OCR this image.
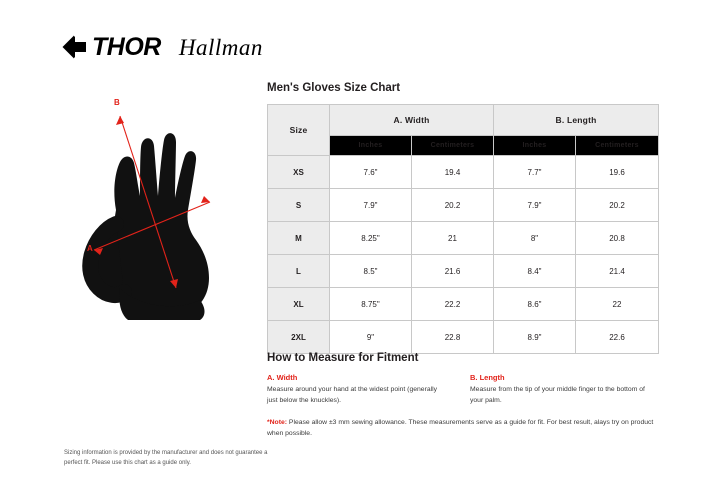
THOR Hallman
B
A
Men's Gloves Size Chart
Size	A. Width		B. Length	
	Inches	Centimeters	Inches	Centimeters
XS	7.6"	19.4	7.7"	19.6
S	7.9"	20.2	7.9"	20.2
M	8.25"	21	8"	20.8
L	8.5"	21.6	8.4"	21.4
XL	8.75"	22.2	8.6"	22
2XL	9"	22.8	8.9"	22.6
How to Measure for Fitment
A. Width
Measure around your hand at the widest point (generally just below the knuckles).
B. Length
Measure from the tip of your middle finger to the bottom of your palm.
*Note: Please allow ±3 mm sewing allowance. These measurements serve as a guide for fit. For best result, alays try on product when possible.
Sizing information is provided by the manufacturer and does not guarantee a perfect fit. Please use this chart as a guide only.
